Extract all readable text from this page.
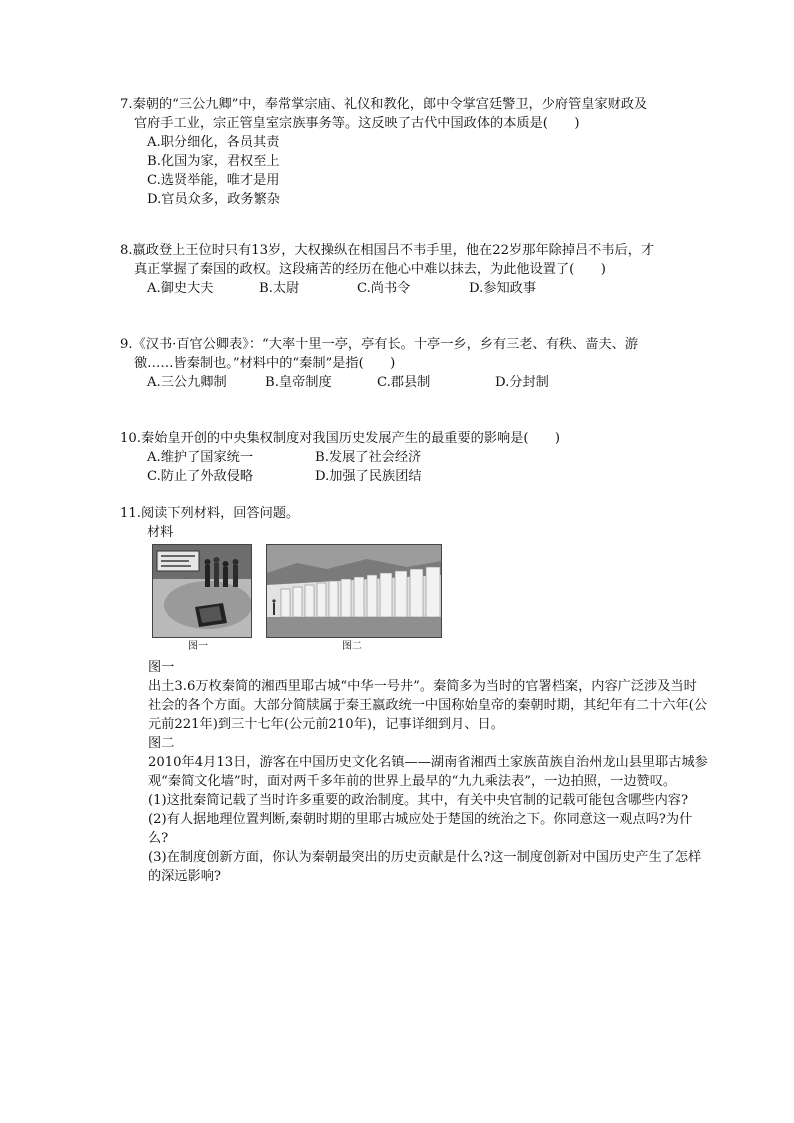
7.秦朝的“三公九卿”中，奉常掌宗庙、礼仪和教化，郎中令掌宫廷警卫，少府管皇家财政及
官府手工业，宗正管皇室宗族事务等。这反映了古代中国政体的本质是(　　)
A.职分细化，各员其责
B.化国为家，君权至上
C.选贤举能，唯才是用
D.官员众多，政务繁杂
8.嬴政登上王位时只有13岁，大权操纵在相国吕不韦手里，他在22岁那年除掉吕不韦后，才
真正掌握了秦国的政权。这段痛苦的经历在他心中难以抹去，为此他设置了(　　)
A.御史大夫	B.太尉	C.尚书令	D.参知政事
9.《汉书·百官公卿表》：“大率十里一亭，亭有长。十亭一乡，乡有三老、有秩、啬夫、游
徼……皆秦制也。”材料中的“秦制”是指(　　)
A.三公九卿制	B.皇帝制度	C.郡县制	D.分封制
10.秦始皇开创的中央集权制度对我国历史发展产生的最重要的影响是(　　)
A.维护了国家统一	B.发展了社会经济
C.防止了外敌侵略	D.加强了民族团结
11.阅读下列材料，回答问题。
材料
图一	图二
图一
出土3.6万枚秦简的湘西里耶古城“中华一号井”。秦简多为当时的官署档案，内容广泛涉及当时社会的各个方面。大部分简牍属于秦王嬴政统一中国称始皇帝的秦朝时期，其纪年有二十六年(公元前221年)到三十七年(公元前210年)，记事详细到月、日。
图二
2010年4月13日，游客在中国历史文化名镇——湖南省湘西土家族苗族自治州龙山县里耶古城参观“秦简文化墙”时，面对两千多年前的世界上最早的“九九乘法表”，一边拍照，一边赞叹。
(1)这批秦简记载了当时许多重要的政治制度。其中，有关中央官制的记载可能包含哪些内容?
(2)有人据地理位置判断,秦朝时期的里耶古城应处于楚国的统治之下。你同意这一观点吗?为什么?
(3)在制度创新方面，你认为秦朝最突出的历史贡献是什么?这一制度创新对中国历史产生了怎样的深远影响?
